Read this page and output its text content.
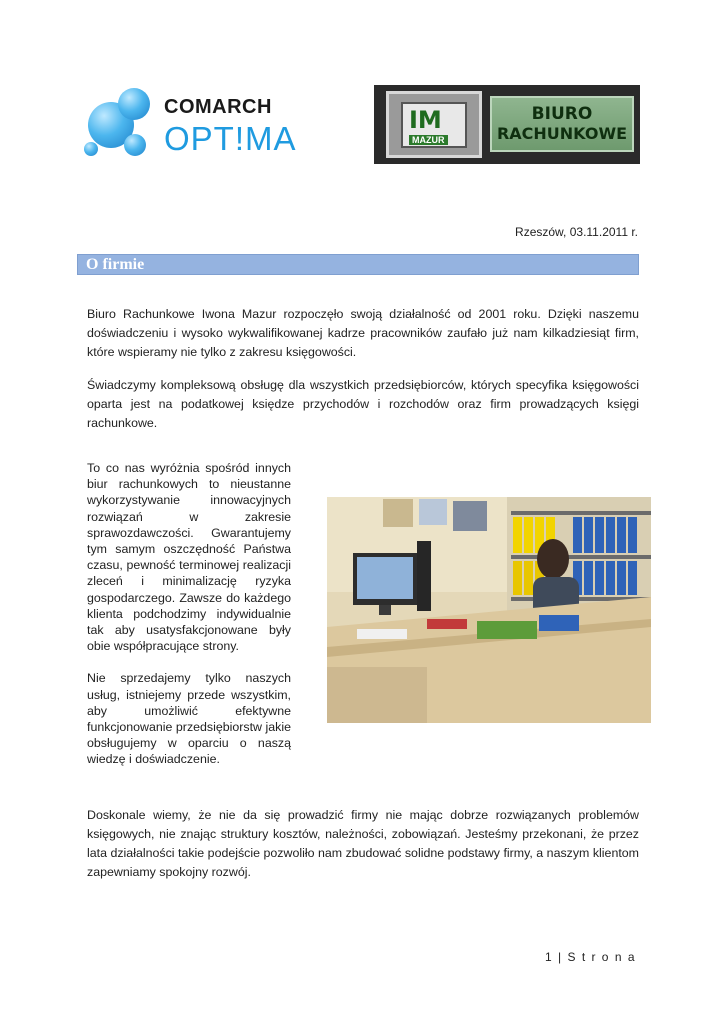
COMARCH
OPT!MA	IM
MAZUR
BIURO
RACHUNKOWE
Rzeszów, 03.11.2011 r.
O firmie
Biuro Rachunkowe Iwona Mazur rozpoczęło swoją działalność od 2001 roku. Dzięki naszemu doświadczeniu i wysoko wykwalifikowanej kadrze pracowników zaufało już nam kilkadziesiąt firm, które wspieramy nie tylko z zakresu księgowości.
Świadczymy kompleksową obsługę dla wszystkich przedsiębiorców, których specyfika księgowości oparta jest na podatkowej księdze przychodów i rozchodów oraz firm prowadzących księgi rachunkowe.

To co nas wyróżnia spośród innych biur rachunkowych to nieustanne wykorzystywanie innowacyjnych rozwiązań w zakresie sprawozdawczości. Gwarantujemy tym samym oszczędność Państwa czasu, pewność terminowej realizacji zleceń i minimalizację ryzyka gospodarczego. Zawsze do każdego klienta podchodzimy indywidualnie tak aby usatysfakcjonowane były obie współpracujące strony.

Nie sprzedajemy tylko naszych usług, istniejemy przede wszystkim, aby umożliwić efektywne funkcjonowanie przedsiębiorstw jakie obsługujemy w oparciu o naszą wiedzę i doświadczenie.

Doskonale wiemy, że nie da się prowadzić firmy nie mając dobrze rozwiązanych problemów księgowych, nie znając struktury kosztów, należności, zobowiązań. Jesteśmy przekonani, że przez lata działalności takie podejście pozwoliło nam zbudować solidne podstawy firmy, a naszym klientom zapewniamy spokojny rozwój.
1 | S t r o n a
